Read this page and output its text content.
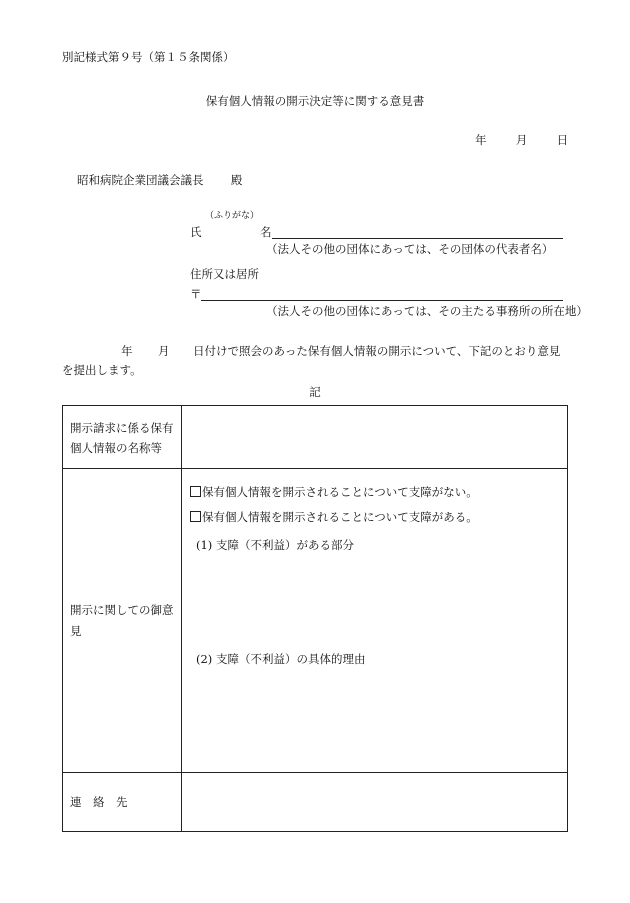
別記様式第９号（第１５条関係）
保有個人情報の開示決定等に関する意見書
年	月	日
昭和病院企業団議会議長 殿
（ふりがな）
氏	名
（法人その他の団体にあっては、その団体の代表者名）
住所又は居所
〒
（法人その他の団体にあっては、その主たる事務所の所在地）
年 月 日付けで照会のあった保有個人情報の開示について、下記のとおり意見
を提出します。
記
開示請求に係る保有個人情報の名称等	

開示に関しての御意見	保有個人情報を開示されることについて支障がない。
保有個人情報を開示されることについて支障がある。
(1) 支障（不利益）がある部分
(2) 支障（不利益）の具体的理由

連　絡　先	
